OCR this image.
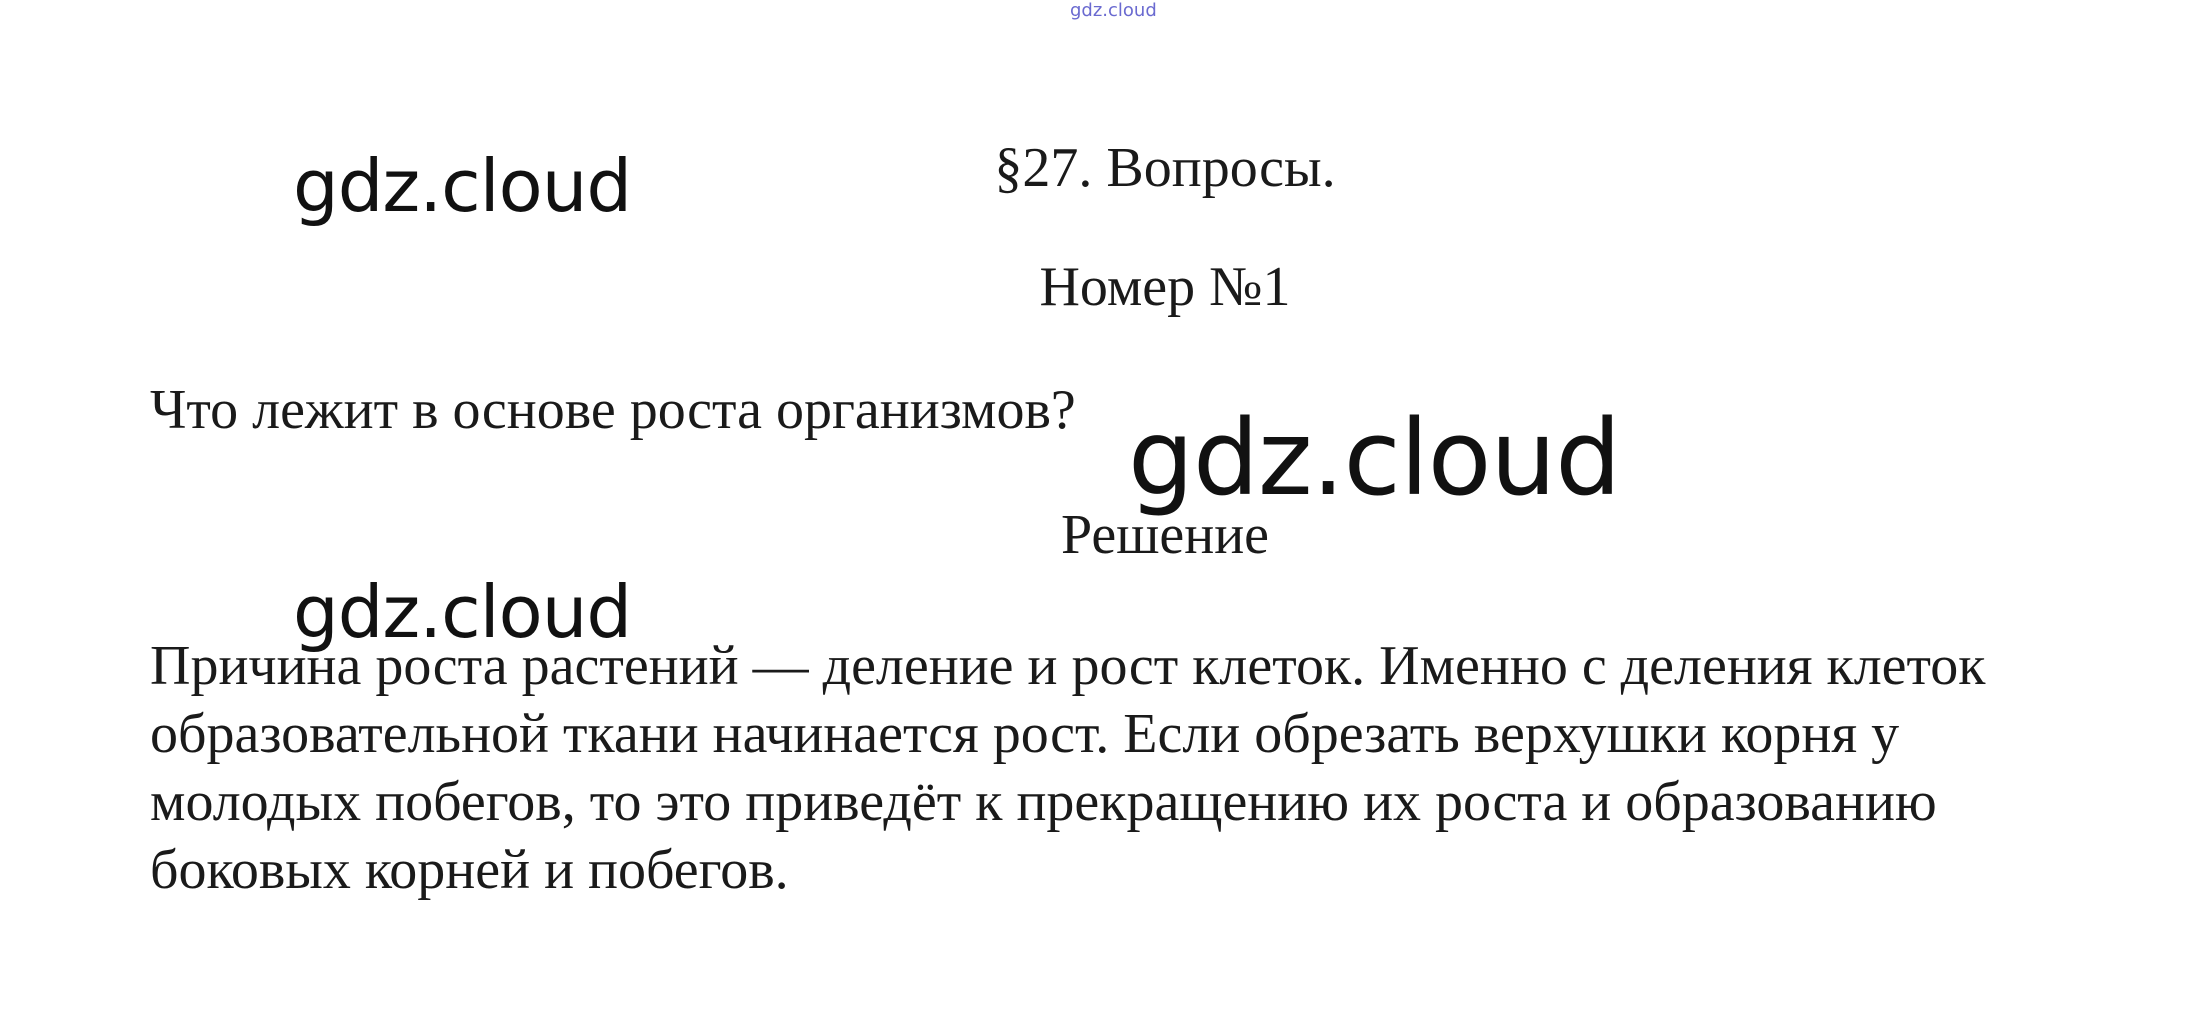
gdz.cloud
§27. Вопросы.
Номер №1

Что лежит в основе роста организмов?

Решение

Причина роста растений — деление и рост клеток. Именно с деления клеток образовательной ткани начинается рост. Если обрезать верхушки корня у молодых побегов, то это приведёт к прекращению их роста и образованию боковых корней и побегов.

gdz.cloud
gdz.cloud
gdz.cloud
